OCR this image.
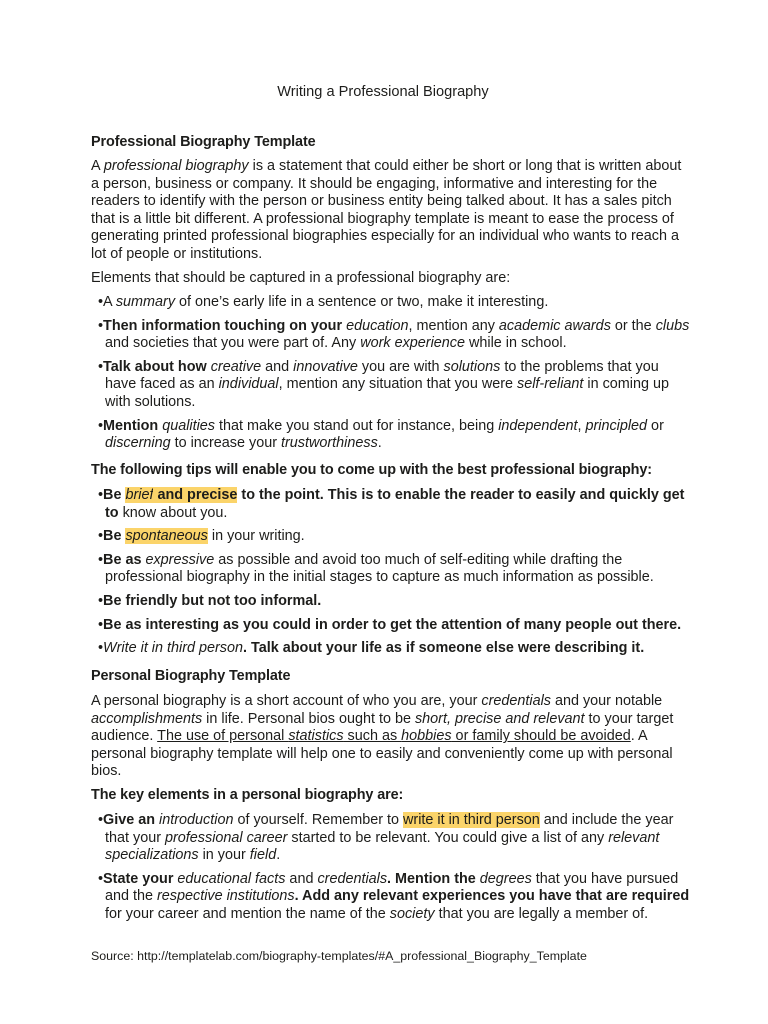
Writing a Professional Biography
Professional Biography Template

A professional biography is a statement that could either be short or long that is written about a person, business or company. It should be engaging, informative and interesting for the readers to identify with the person or business entity being talked about. It has a sales pitch that is a little bit different. A professional biography template is meant to ease the process of generating printed professional biographies especially for an individual who wants to reach a lot of people or institutions.

Elements that should be captured in a professional biography are:

•A summary of one’s early life in a sentence or two, make it interesting.

•Then information touching on your education, mention any academic awards or the clubs and societies that you were part of. Any work experience while in school.

•Talk about how creative and innovative you are with solutions to the problems that you have faced as an individual, mention any situation that you were self-reliant in coming up with solutions.

•Mention qualities that make you stand out for instance, being independent, principled or discerning to increase your trustworthiness.

The following tips will enable you to come up with the best professional biography:

•Be brief and precise to the point. This is to enable the reader to easily and quickly get to know about you.

•Be spontaneous in your writing.

•Be as expressive as possible and avoid too much of self-editing while drafting the professional biography in the initial stages to capture as much information as possible.

•Be friendly but not too informal.

•Be as interesting as you could in order to get the attention of many people out there.

•Write it in third person. Talk about your life as if someone else were describing it.

Personal Biography Template

A personal biography is a short account of who you are, your credentials and your notable accomplishments in life. Personal bios ought to be short, precise and relevant to your target audience. The use of personal statistics such as hobbies or family should be avoided. A personal biography template will help one to easily and conveniently come up with personal bios.

The key elements in a personal biography are:

•Give an introduction of yourself. Remember to write it in third person and include the year that your professional career started to be relevant. You could give a list of any relevant specializations in your field.

•State your educational facts and credentials. Mention the degrees that you have pursued and the respective institutions. Add any relevant experiences you have that are required for your career and mention the name of the society that you are legally a member of.

Source: http://templatelab.com/biography-templates/#A_professional_Biography_Template
